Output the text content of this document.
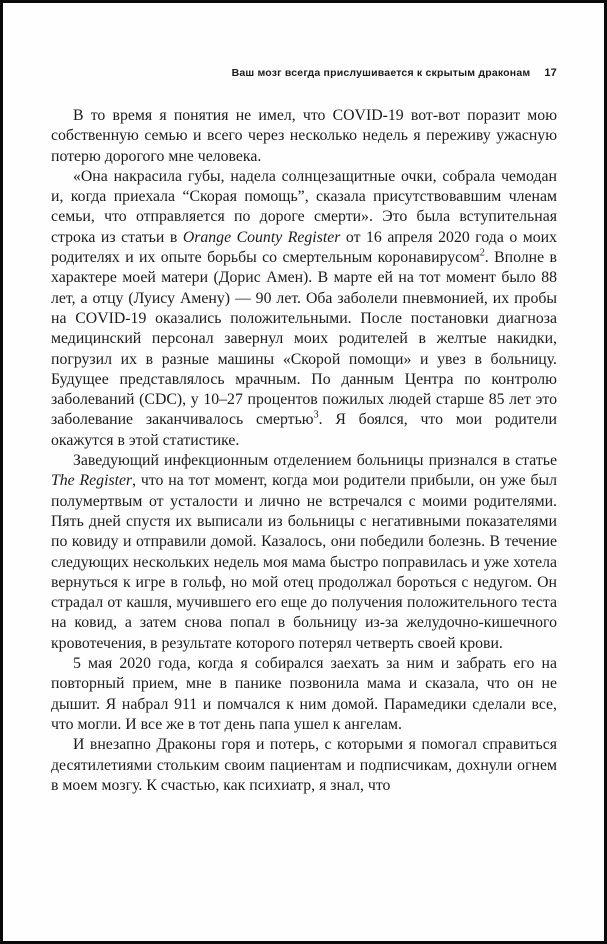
Ваш мозг всегда прислушивается к скрытым драконам 17

В то время я понятия не имел, что COVID-19 вот-вот поразит мою собственную семью и всего через несколько недель я переживу ужасную потерю дорогого мне человека.

«Она накрасила губы, надела солнцезащитные очки, собрала чемодан и, когда приехала “Скорая помощь”, сказала присутствовавшим членам семьи, что отправляется по дороге смерти». Это была вступительная строка из статьи в Orange County Register от 16 апреля 2020 года о моих родителях и их опыте борьбы со смертельным коронавирусом$^2$. Вполне в характере моей матери (Дорис Амен). В марте ей на тот момент было 88 лет, а отцу (Луису Амену) — 90 лет. Оба заболели пневмонией, их пробы на COVID-19 оказались положительными. После постановки диагноза медицинский персонал завернул моих родителей в желтые накидки, погрузил их в разные машины «Скорой помощи» и увез в больницу. Будущее представлялось мрачным. По данным Центра по контролю заболеваний (CDC), у 10–27 процентов пожилых людей старше 85 лет это заболевание заканчивалось смертью$^3$. Я боялся, что мои родители окажутся в этой статистике.

Заведующий инфекционным отделением больницы признался в статье The Register, что на тот момент, когда мои родители прибыли, он уже был полумертвым от усталости и лично не встречался с моими родителями. Пять дней спустя их выписали из больницы с негативными показателями по ковиду и отправили домой. Казалось, они победили болезнь. В течение следующих нескольких недель моя мама быстро поправилась и уже хотела вернуться к игре в гольф, но мой отец продолжал бороться с недугом. Он страдал от кашля, мучившего его еще до получения положительного теста на ковид, а затем снова попал в больницу из-за желудочно-кишечного кровотечения, в результате которого потерял четверть своей крови.

5 мая 2020 года, когда я собирался заехать за ним и забрать его на повторный прием, мне в панике позвонила мама и сказала, что он не дышит. Я набрал 911 и помчался к ним домой. Парамедики сделали все, что могли. И все же в тот день папа ушел к ангелам.

И внезапно Драконы горя и потерь, с которыми я помогал справиться десятилетиями стольким своим пациентам и подписчикам, дохнули огнем в моем мозгу. К счастью, как психиатр, я знал, что
